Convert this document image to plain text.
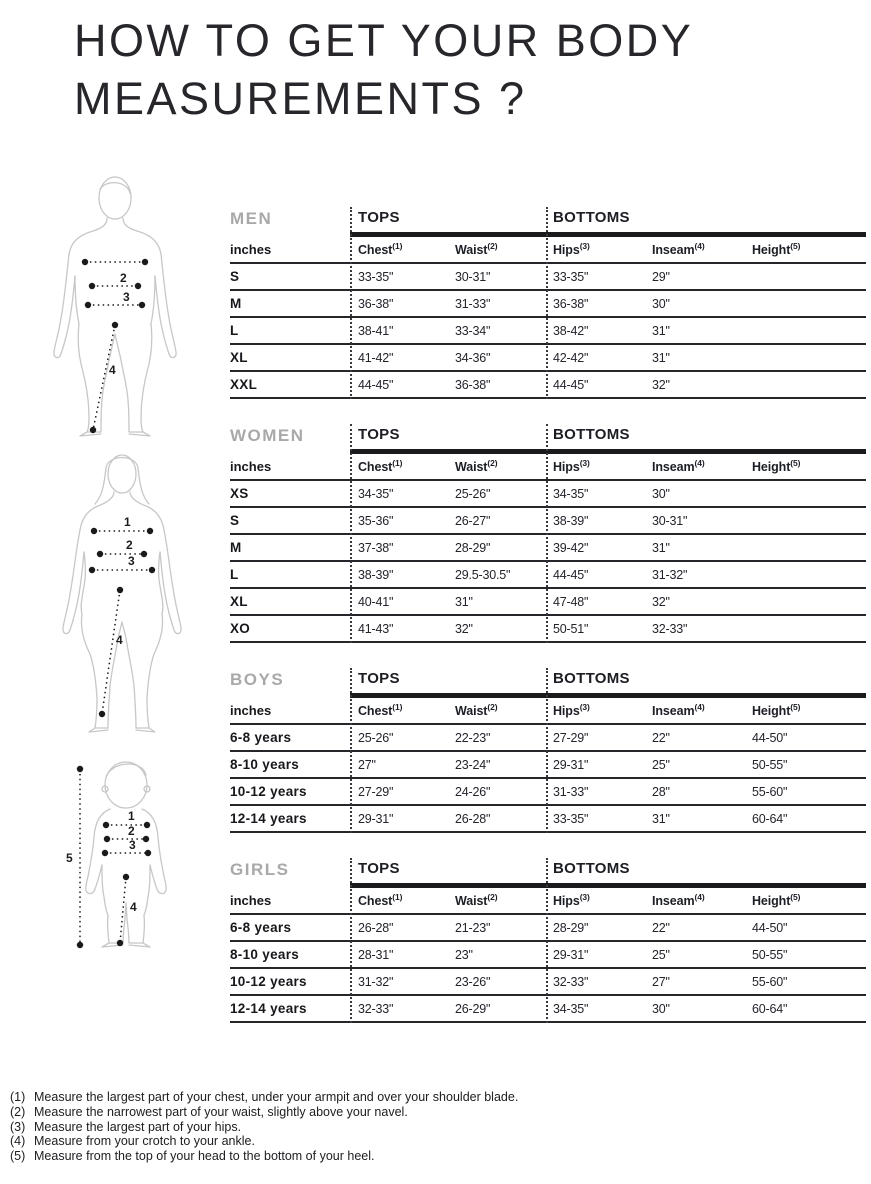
HOW TO GET YOUR BODY
MEASUREMENTS ?
2
3
4
1
2
3
4
5
1
2
3
4
MEN	TOPS	BOTTOMS
inches	Chest$^{(1)}$	Waist$^{(2)}$	Hips$^{(3)}$	Inseam$^{(4)}$	Height$^{(5)}$
S	33-35"	30-31"	33-35"	29"
M	36-38"	31-33"	36-38"	30"
L	38-41"	33-34"	38-42"	31"
XL	41-42"	34-36"	42-42"	31"
XXL	44-45"	36-38"	44-45"	32"
WOMEN	TOPS	BOTTOMS
inches	Chest$^{(1)}$	Waist$^{(2)}$	Hips$^{(3)}$	Inseam$^{(4)}$	Height$^{(5)}$
XS	34-35"	25-26"	34-35"	30"
S	35-36"	26-27"	38-39"	30-31"
M	37-38"	28-29"	39-42"	31"
L	38-39"	29.5-30.5"	44-45"	31-32"
XL	40-41"	31"	47-48"	32"
XO	41-43"	32"	50-51"	32-33"
BOYS	TOPS	BOTTOMS
inches	Chest$^{(1)}$	Waist$^{(2)}$	Hips$^{(3)}$	Inseam$^{(4)}$	Height$^{(5)}$
6-8 years	25-26"	22-23"	27-29"	22"	44-50"
8-10 years	27"	23-24"	29-31"	25"	50-55"
10-12 years	27-29"	24-26"	31-33"	28"	55-60"
12-14 years	29-31"	26-28"	33-35"	31"	60-64"
GIRLS	TOPS	BOTTOMS
inches	Chest$^{(1)}$	Waist$^{(2)}$	Hips$^{(3)}$	Inseam$^{(4)}$	Height$^{(5)}$
6-8 years	26-28"	21-23"	28-29"	22"	44-50"
8-10 years	28-31"	23"	29-31"	25"	50-55"
10-12 years	31-32"	23-26"	32-33"	27"	55-60"
12-14 years	32-33"	26-29"	34-35"	30"	60-64"
(1) Measure the largest part of your chest, under your armpit and over your shoulder blade.
(2) Measure the narrowest part of your waist, slightly above your navel.
(3) Measure the largest part of your hips.
(4) Measure from your crotch to your ankle.
(5) Measure from the top of your head to the bottom of your heel.
